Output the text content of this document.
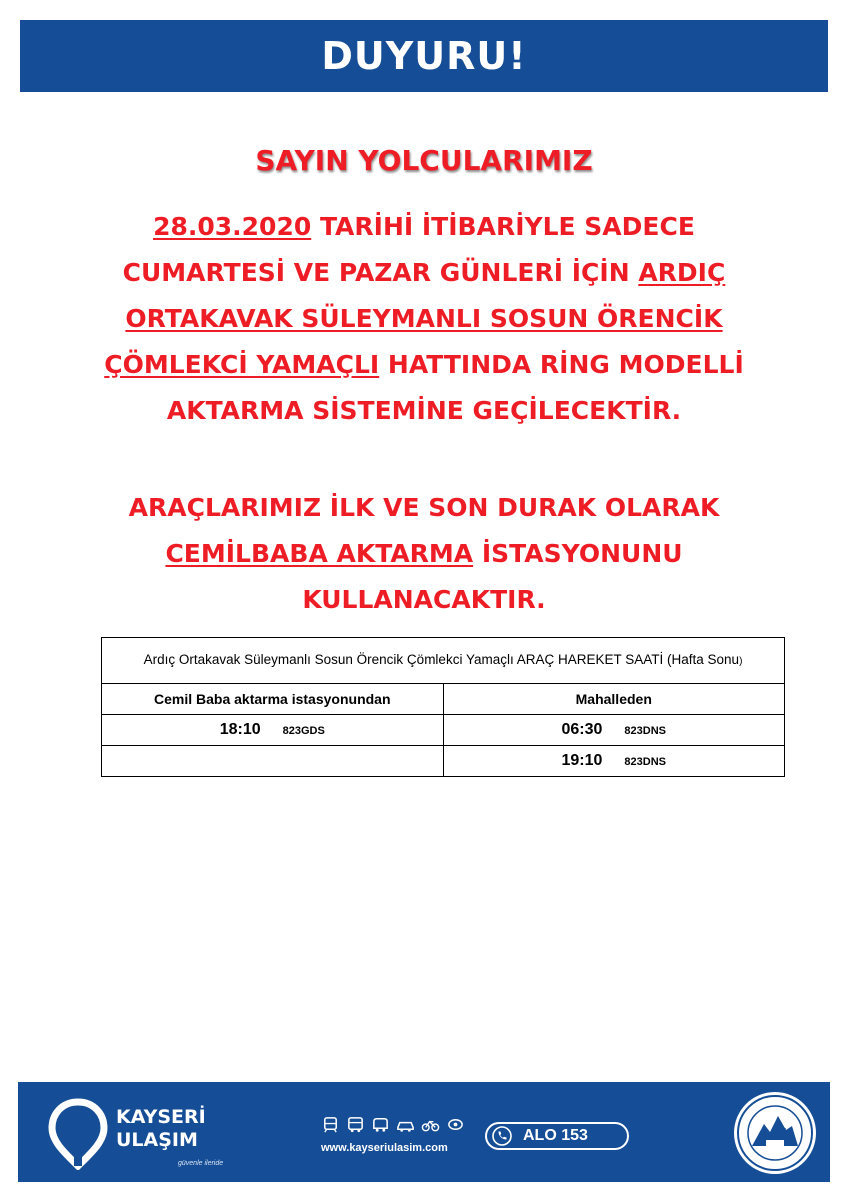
DUYURU!
SAYIN YOLCULARIMIZ
28.03.2020 TARİHİ İTİBARİYLE SADECE CUMARTESİ VE PAZAR GÜNLERİ İÇİN ARDIÇ ORTAKAVAK SÜLEYMANLI SOSUN ÖRENCİK ÇÖMLEKCİ YAMAÇLI HATTINDA RİNG MODELLİ AKTARMA SİSTEMİNE GEÇİLECEKTİR.
ARAÇLARIMIZ İLK VE SON DURAK OLARAK CEMİLBABA AKTARMA İSTASYONUNU KULLANACAKTIR.
Ardıç Ortakavak Süleymanlı Sosun Örencik Çömlekci Yamaçlı ARAÇ HAREKET SAATİ (Hafta Sonu)	
Cemil Baba aktarma istasyonundan	Mahalleden
18:10 823GDS	06:30 823DNS
	19:10 823DNS
KAYSERİ
ULAŞIM
güvenle ileride
www.kayseriulasim.com
ALO 153
